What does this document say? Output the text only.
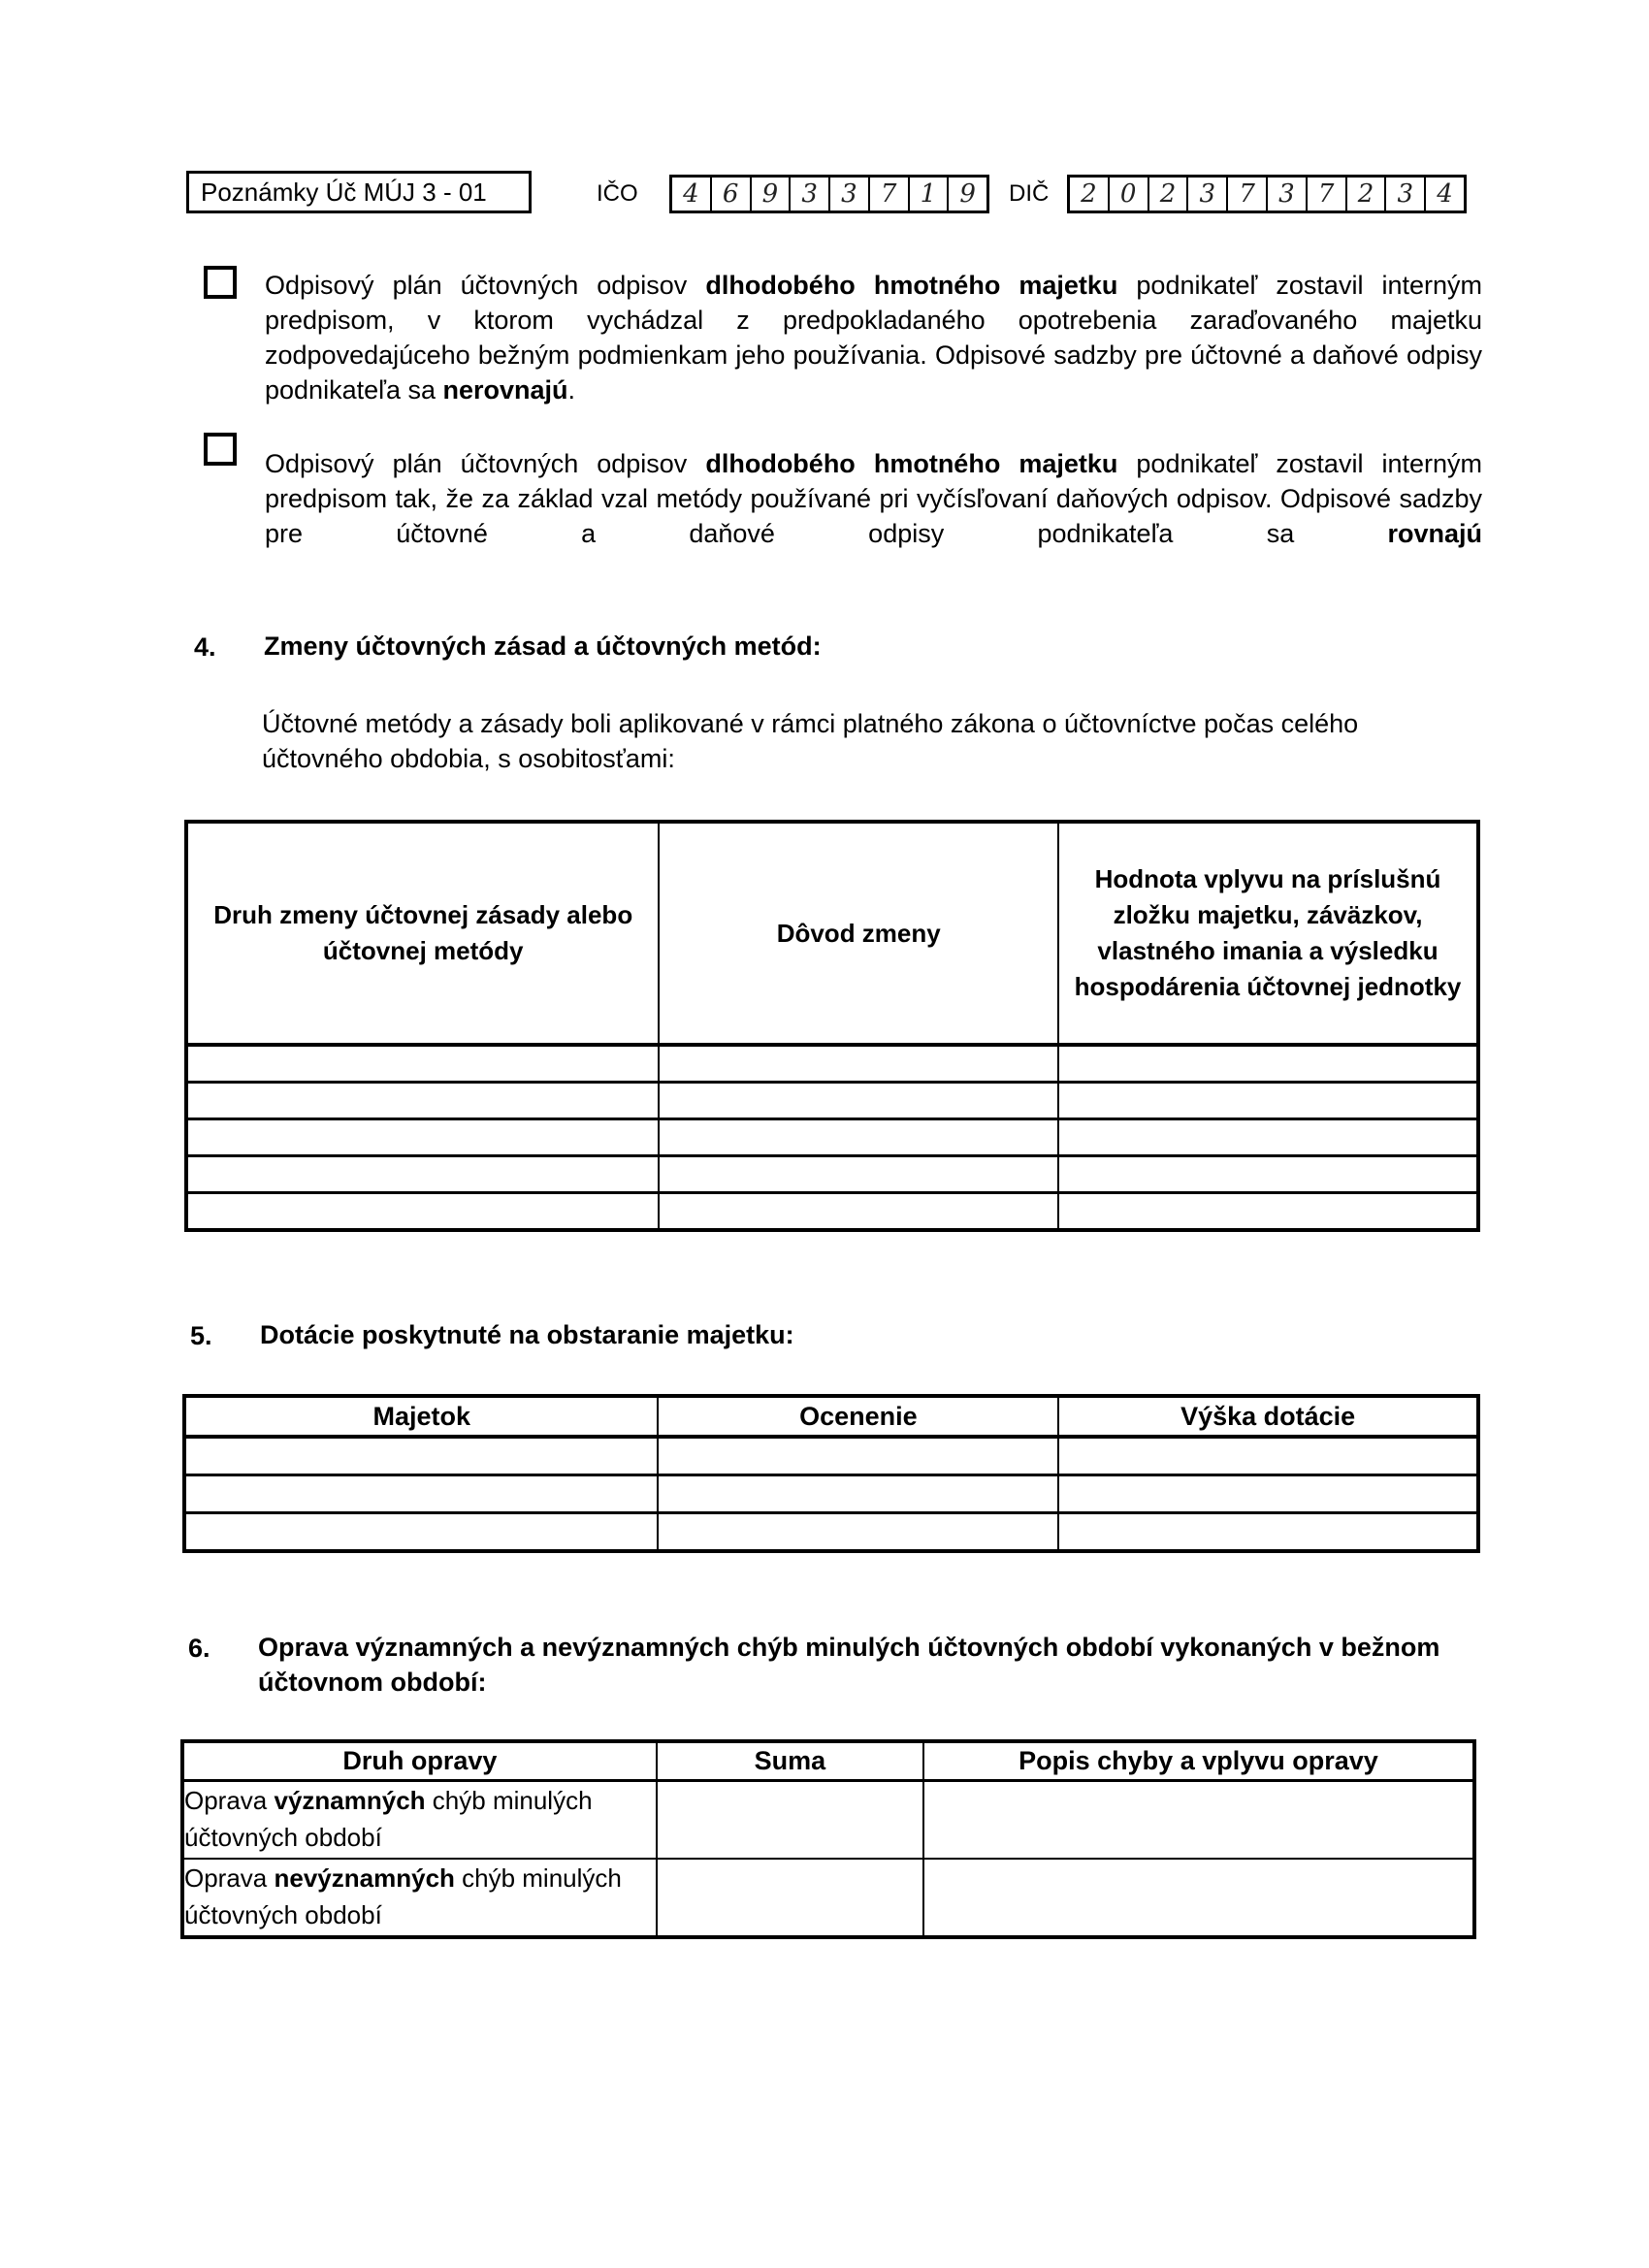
Poznámky Úč MÚJ 3 - 01	IČO	4 6 9 3 3 7 1 9	DIČ	2 0 2 3 7 3 7 2 3 4
Odpisový plán účtovných odpisov dlhodobého hmotného majetku podnikateľ zostavil interným predpisom, v ktorom vychádzal z predpokladaného opotrebenia zaraďovaného majetku zodpovedajúceho bežným podmienkam jeho používania. Odpisové sadzby pre účtovné a daňové odpisy podnikateľa sa nerovnajú.
Odpisový plán účtovných odpisov dlhodobého hmotného majetku podnikateľ zostavil interným predpisom tak, že za základ vzal metódy používané pri vyčísľovaní daňových odpisov. Odpisové sadzby pre účtovné a daňové odpisy podnikateľa sa rovnajú
4. Zmeny účtovných zásad a účtovných metód:
Účtovné metódy a zásady boli aplikované v rámci platného zákona o účtovníctve počas celého účtovného obdobia, s osobitosťami:
Druh zmeny účtovnej zásady alebo účtovnej metódy	Dôvod zmeny	Hodnota vplyvu na príslušnú zložku majetku, záväzkov, vlastného imania a výsledku hospodárenia účtovnej jednotky

5. Dotácie poskytnuté na obstaranie majetku:
Majetok	Ocenenie	Výška dotácie

6. Oprava významných a nevýznamných chýb minulých účtovných období vykonaných v bežnom účtovnom období:
Druh opravy	Suma	Popis chyby a vplyvu opravy
Oprava významných chýb minulých účtovných období		
Oprava nevýznamných chýb minulých účtovných období		
